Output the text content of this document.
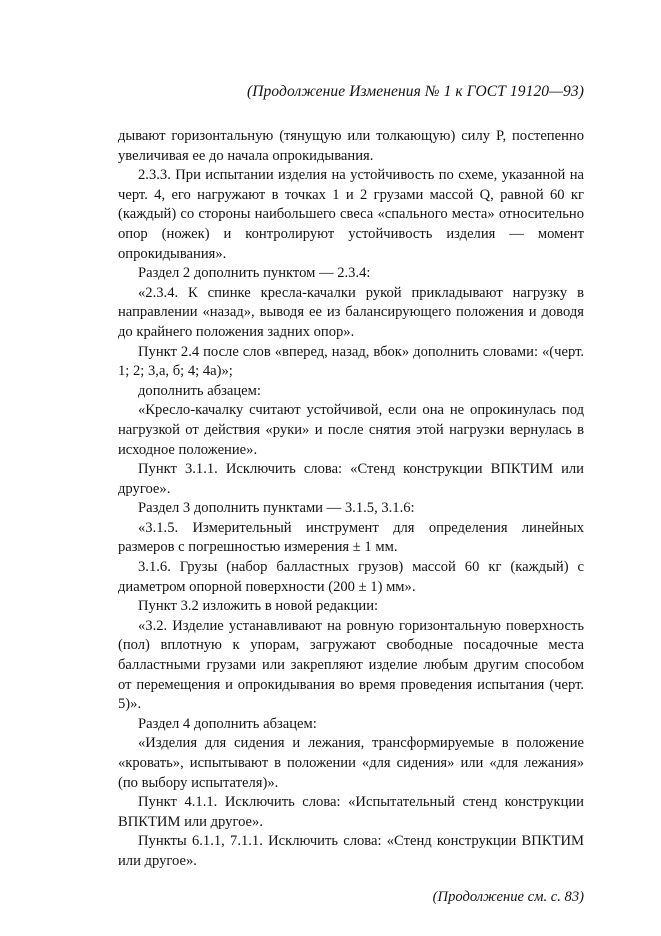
(Продолжение Изменения № 1 к ГОСТ 19120—93)

дывают горизонтальную (тянущую или толкающую) силу P, постепенно увеличивая ее до начала опрокидывания.

2.3.3. При испытании изделия на устойчивость по схеме, указанной на черт. 4, его нагружают в точках 1 и 2 грузами массой Q, равной 60 кг (каждый) со стороны наибольшего свеса «спального места» относительно опор (ножек) и контролируют устойчивость изделия — момент опрокидывания».

Раздел 2 дополнить пунктом — 2.3.4:

«2.3.4. К спинке кресла-качалки рукой прикладывают нагрузку в направлении «назад», выводя ее из балансирующего положения и доводя до крайнего положения задних опор».

Пункт 2.4 после слов «вперед, назад, вбок» дополнить словами: «(черт. 1; 2; 3,а, б; 4; 4а)»;

дополнить абзацем:

«Кресло-качалку считают устойчивой, если она не опрокинулась под нагрузкой от действия «руки» и после снятия этой нагрузки вернулась в исходное положение».

Пункт 3.1.1. Исключить слова: «Стенд конструкции ВПКТИМ или другое».

Раздел 3 дополнить пунктами — 3.1.5, 3.1.6:

«3.1.5. Измерительный инструмент для определения линейных размеров с погрешностью измерения ± 1 мм.

3.1.6. Грузы (набор балластных грузов) массой 60 кг (каждый) с диаметром опорной поверхности (200 ± 1) мм».

Пункт 3.2 изложить в новой редакции:

«3.2. Изделие устанавливают на ровную горизонтальную поверхность (пол) вплотную к упорам, загружают свободные посадочные места балластными грузами или закрепляют изделие любым другим способом от перемещения и опрокидывания во время проведения испытания (черт. 5)».

Раздел 4 дополнить абзацем:

«Изделия для сидения и лежания, трансформируемые в положение «кровать», испытывают в положении «для сидения» или «для лежания» (по выбору испытателя)».

Пункт 4.1.1. Исключить слова: «Испытательный стенд конструкции ВПКТИМ или другое».

Пункты 6.1.1, 7.1.1. Исключить слова: «Стенд конструкции ВПКТИМ или другое».

(Продолжение см. с. 83)
